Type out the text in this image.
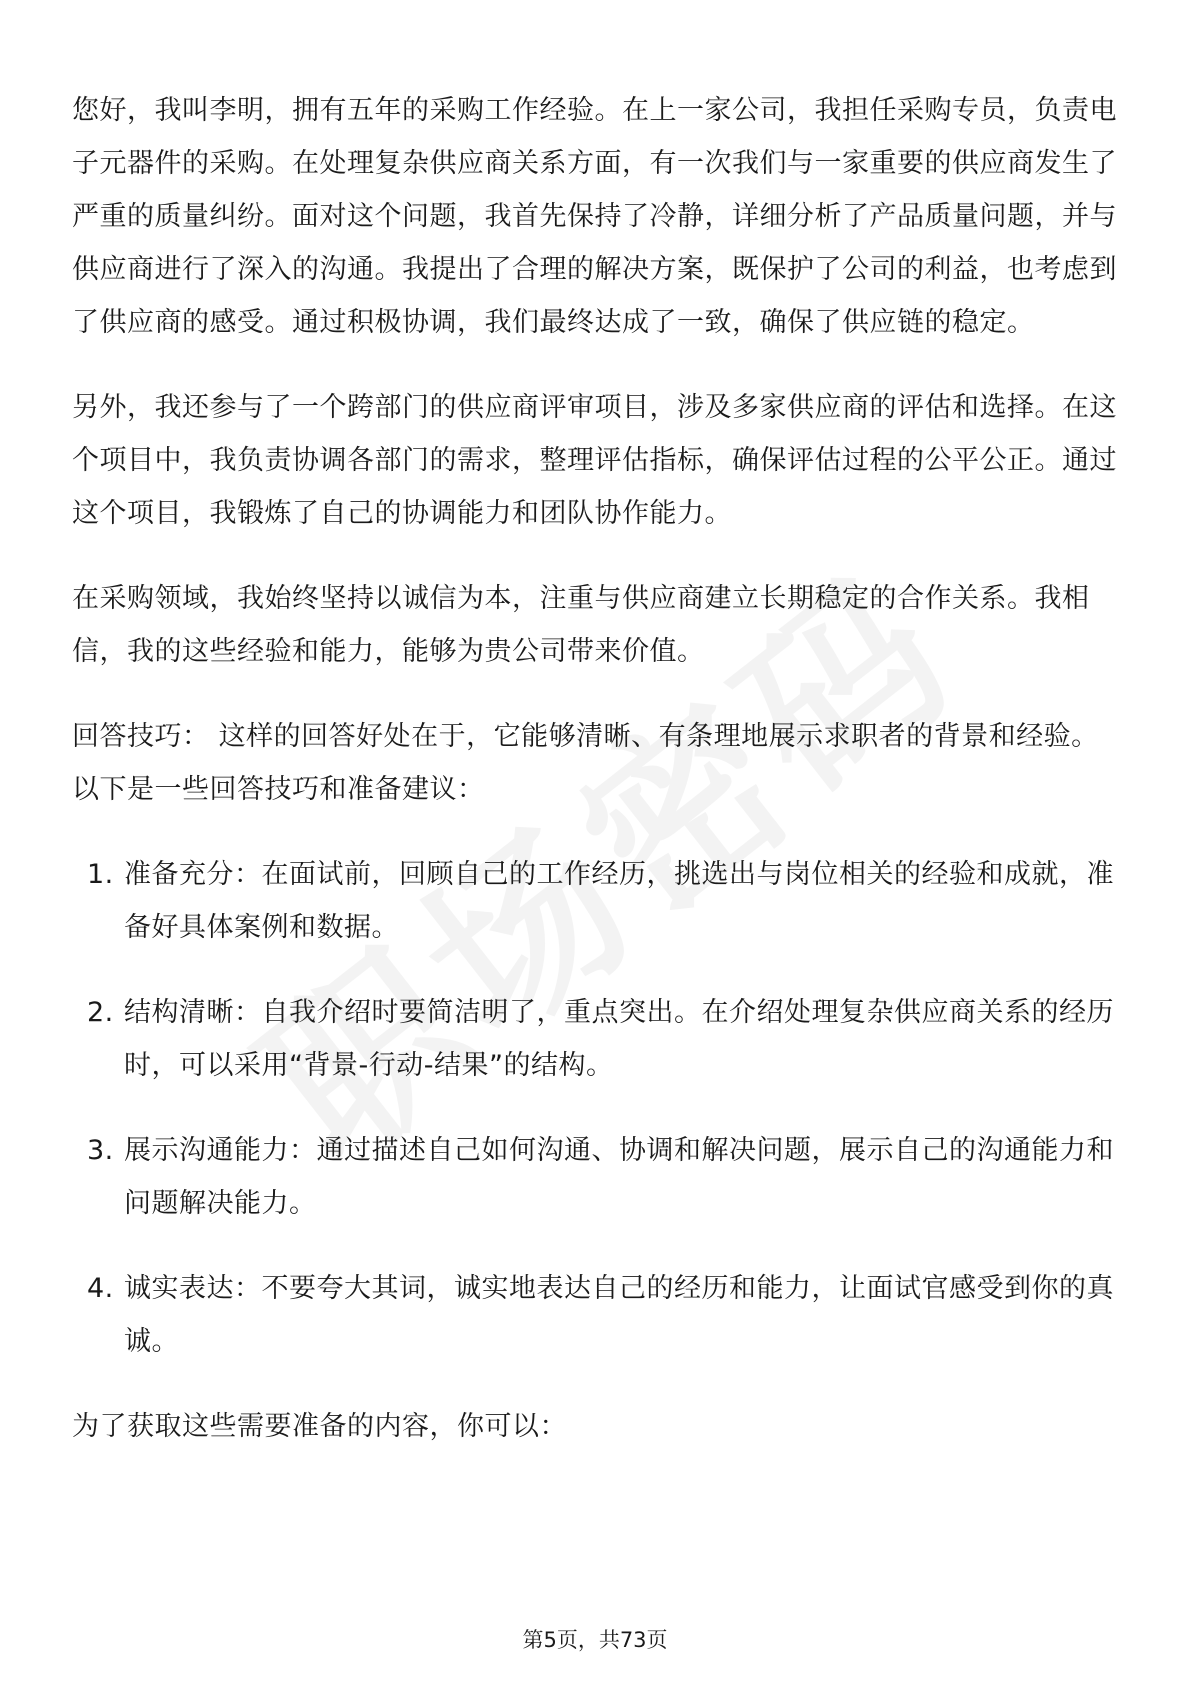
您好，我叫李明，拥有五年的采购工作经验。在上一家公司，我担任采购专员，负责电子元器件的采购。在处理复杂供应商关系方面，有一次我们与一家重要的供应商发生了严重的质量纠纷。面对这个问题，我首先保持了冷静，详细分析了产品质量问题，并与供应商进行了深入的沟通。我提出了合理的解决方案，既保护了公司的利益，也考虑到了供应商的感受。通过积极协调，我们最终达成了一致，确保了供应链的稳定。

另外，我还参与了一个跨部门的供应商评审项目，涉及多家供应商的评估和选择。在这个项目中，我负责协调各部门的需求，整理评估指标，确保评估过程的公平公正。通过这个项目，我锻炼了自己的协调能力和团队协作能力。

在采购领域，我始终坚持以诚信为本，注重与供应商建立长期稳定的合作关系。我相信，我的这些经验和能力，能够为贵公司带来价值。

回答技巧： 这样的回答好处在于，它能够清晰、有条理地展示求职者的背景和经验。以下是一些回答技巧和准备建议：

1. 准备充分：在面试前，回顾自己的工作经历，挑选出与岗位相关的经验和成就，准备好具体案例和数据。
2. 结构清晰：自我介绍时要简洁明了，重点突出。在介绍处理复杂供应商关系的经历时，可以采用“背景-行动-结果”的结构。
3. 展示沟通能力：通过描述自己如何沟通、协调和解决问题，展示自己的沟通能力和问题解决能力。
4. 诚实表达：不要夸大其词，诚实地表达自己的经历和能力，让面试官感受到你的真诚。

为了获取这些需要准备的内容，你可以：

第5页，共73页
